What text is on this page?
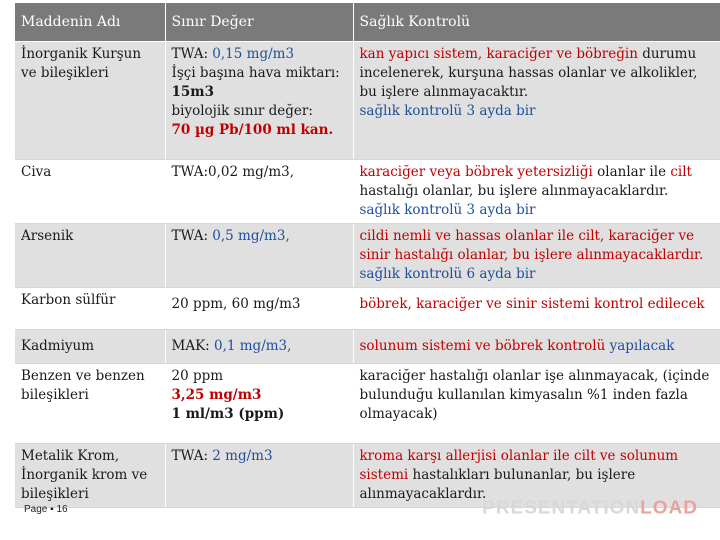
Maddenin Adı	Sınır Değer	Sağlık Kontrolü
İnorganik Kurşun ve bileşikleri	TWA: 0,15 mg/m3
İşçi başına hava miktarı:
15m3
biyolojik sınır değer:
70 µg Pb/100 ml kan.	kan yapıcı sistem, karaciğer ve böbreğin durumu incelenerek, kurşuna hassas olanlar ve alkolikler, bu işlere alınmayacaktır.
sağlık kontrolü 3 ayda bir
Civa	TWA:0,02 mg/m3,	karaciğer veya böbrek yetersizliği olanlar ile cilt hastalığı olanlar, bu işlere alınmayacaklardır.
sağlık kontrolü 3 ayda bir
Arsenik	TWA: 0,5 mg/m3,	cildi nemli ve hassas olanlar ile cilt, karaciğer ve sinir hastalığı olanlar, bu işlere alınmayacaklardır.
sağlık kontrolü 6 ayda bir
Karbon sülfür	20 ppm, 60 mg/m3	böbrek, karaciğer ve sinir sistemi kontrol edilecek
Kadmiyum	MAK: 0,1 mg/m3,	solunum sistemi ve böbrek kontrolü yapılacak
Benzen ve benzen bileşikleri	20 ppm
3,25 mg/m3
1 ml/m3 (ppm)	karaciğer hastalığı olanlar işe alınmayacak, (içinde bulunduğu kullanılan kimyasalın %1 inden fazla olmayacak)
Metalik Krom, İnorganik krom ve bileşikleri	TWA: 2 mg/m3	kroma karşı allerjisi olanlar ile cilt ve solunum sistemi hastalıkları bulunanlar, bu işlere alınmayacaklardır.
Page ▪ 16	PRESENTATIONLOAD
